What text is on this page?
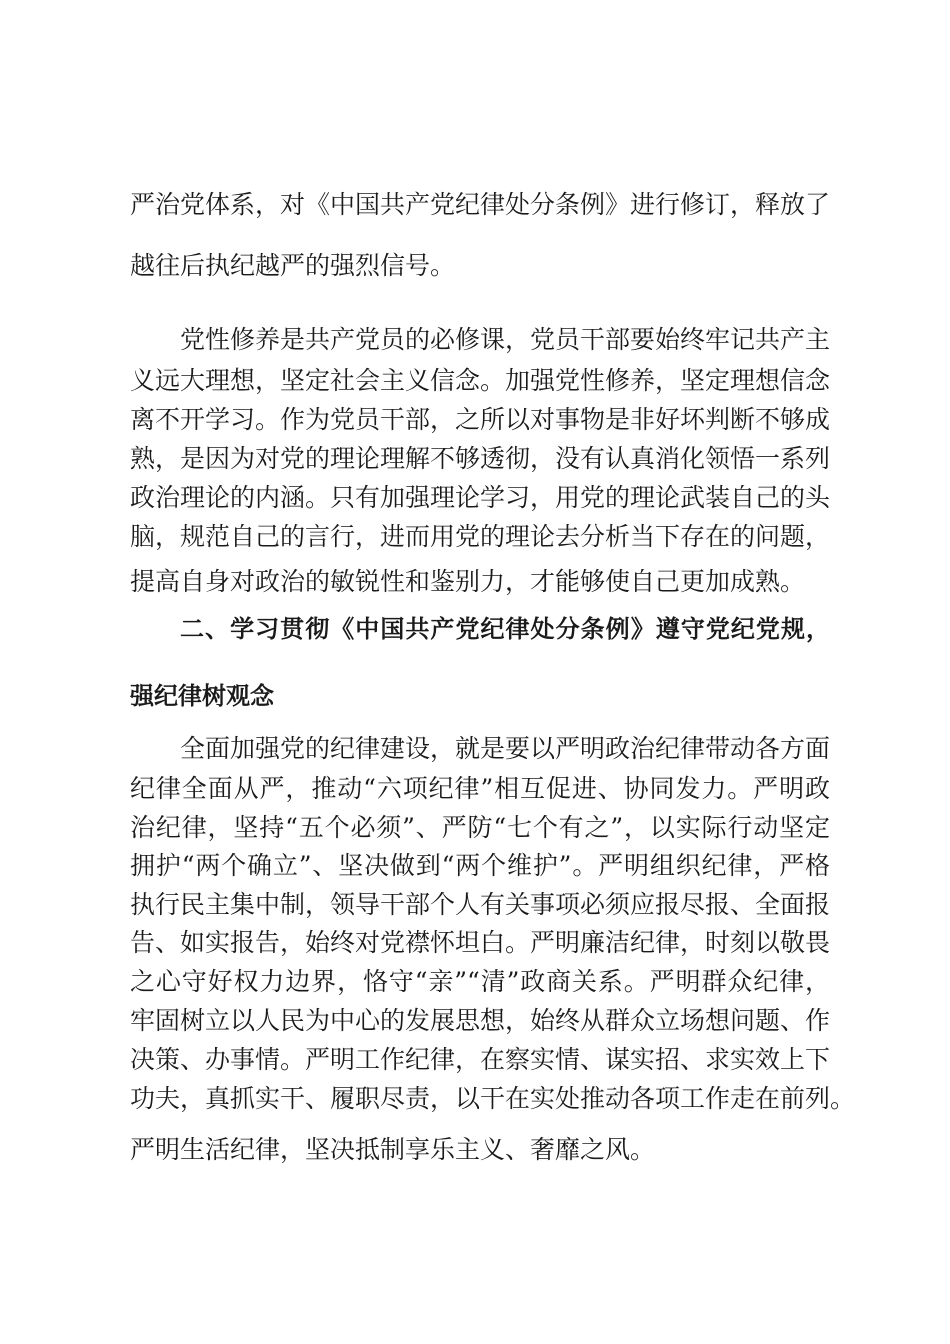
严治党体系，对《中国共产党纪律处分条例》进行修订，释放了
越往后执纪越严的强烈信号。
党性修养是共产党员的必修课，党员干部要始终牢记共产主
义远大理想，坚定社会主义信念。加强党性修养，坚定理想信念
离不开学习。作为党员干部，之所以对事物是非好坏判断不够成
熟，是因为对党的理论理解不够透彻，没有认真消化领悟一系列
政治理论的内涵。只有加强理论学习，用党的理论武装自己的头
脑，规范自己的言行，进而用党的理论去分析当下存在的问题，
提高自身对政治的敏锐性和鉴别力，才能够使自己更加成熟。
二、学习贯彻《中国共产党纪律处分条例》遵守党纪党规，
强纪律树观念
全面加强党的纪律建设，就是要以严明政治纪律带动各方面
纪律全面从严，推动“六项纪律”相互促进、协同发力。严明政
治纪律，坚持“五个必须”、严防“七个有之”，以实际行动坚定
拥护“两个确立”、坚决做到“两个维护”。严明组织纪律，严格
执行民主集中制，领导干部个人有关事项必须应报尽报、全面报
告、如实报告，始终对党襟怀坦白。严明廉洁纪律，时刻以敬畏
之心守好权力边界，恪守“亲”“清”政商关系。严明群众纪律，
牢固树立以人民为中心的发展思想，始终从群众立场想问题、作
决策、办事情。严明工作纪律，在察实情、谋实招、求实效上下
功夫，真抓实干、履职尽责，以干在实处推动各项工作走在前列。
严明生活纪律，坚决抵制享乐主义、奢靡之风。
